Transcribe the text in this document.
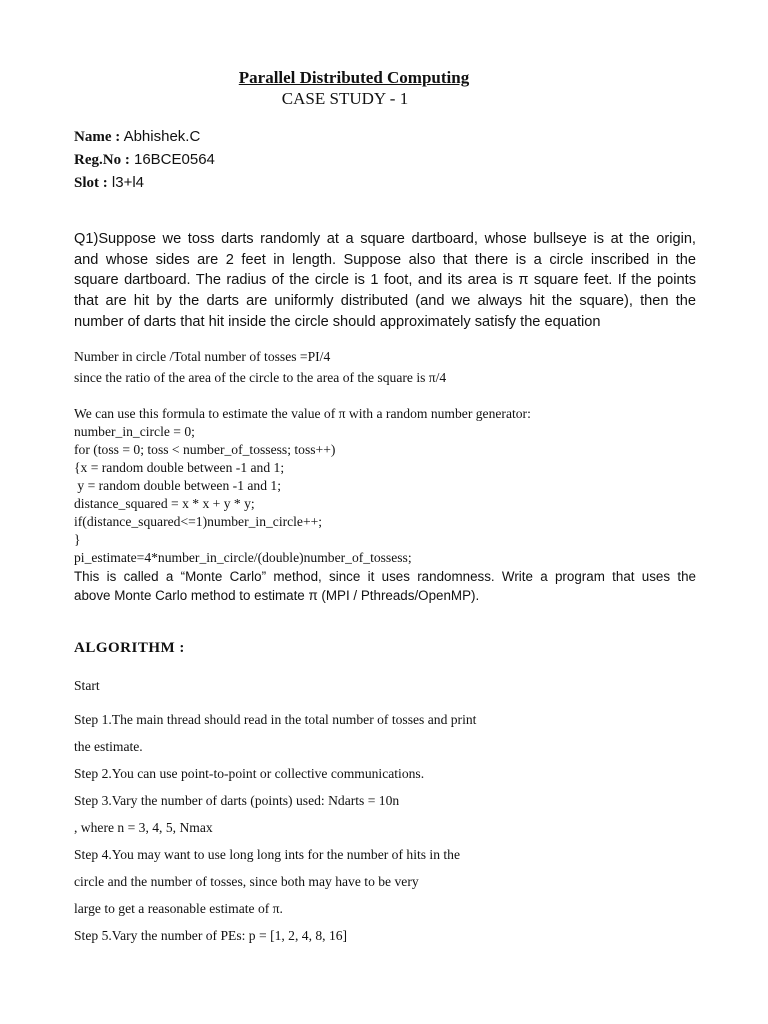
Parallel Distributed Computing
CASE STUDY - 1
Name : Abhishek.C
Reg.No : 16BCE0564
Slot : l3+l4
Q1)Suppose we toss darts randomly at a square dartboard, whose bullseye is at the origin,
and whose sides are 2 feet in length. Suppose also that there is a circle inscribed in the
square dartboard. The radius of the circle is 1 foot, and its area is π square feet. If the points
that are hit by the darts are uniformly distributed (and we always hit the square), then the
number of darts that hit inside the circle should approximately satisfy the equation
Number in circle /Total number of tosses =PI/4
since the ratio of the area of the circle to the area of the square is π/4
We can use this formula to estimate the value of π with a random number generator:
number_in_circle = 0;
for (toss = 0; toss < number_of_tossess; toss++)
{x = random double between -1 and 1;
y = random double between -1 and 1;
distance_squared = x * x + y * y;
if(distance_squared<=1)number_in_circle++;
}
pi_estimate=4*number_in_circle/(double)number_of_tossess;
This is called a “Monte Carlo” method, since it uses randomness. Write a program that uses the
above Monte Carlo method to estimate π (MPI / Pthreads/OpenMP).
ALGORITHM :
Start
Step 1.The main thread should read in the total number of tosses and print
the estimate.
Step 2.You can use point-to-point or collective communications.
Step 3.Vary the number of darts (points) used: Ndarts = 10n
, where n = 3, 4, 5, Nmax
Step 4.You may want to use long long ints for the number of hits in the
circle and the number of tosses, since both may have to be very
large to get a reasonable estimate of π.
Step 5.Vary the number of PEs: p = [1, 2, 4, 8, 16]
